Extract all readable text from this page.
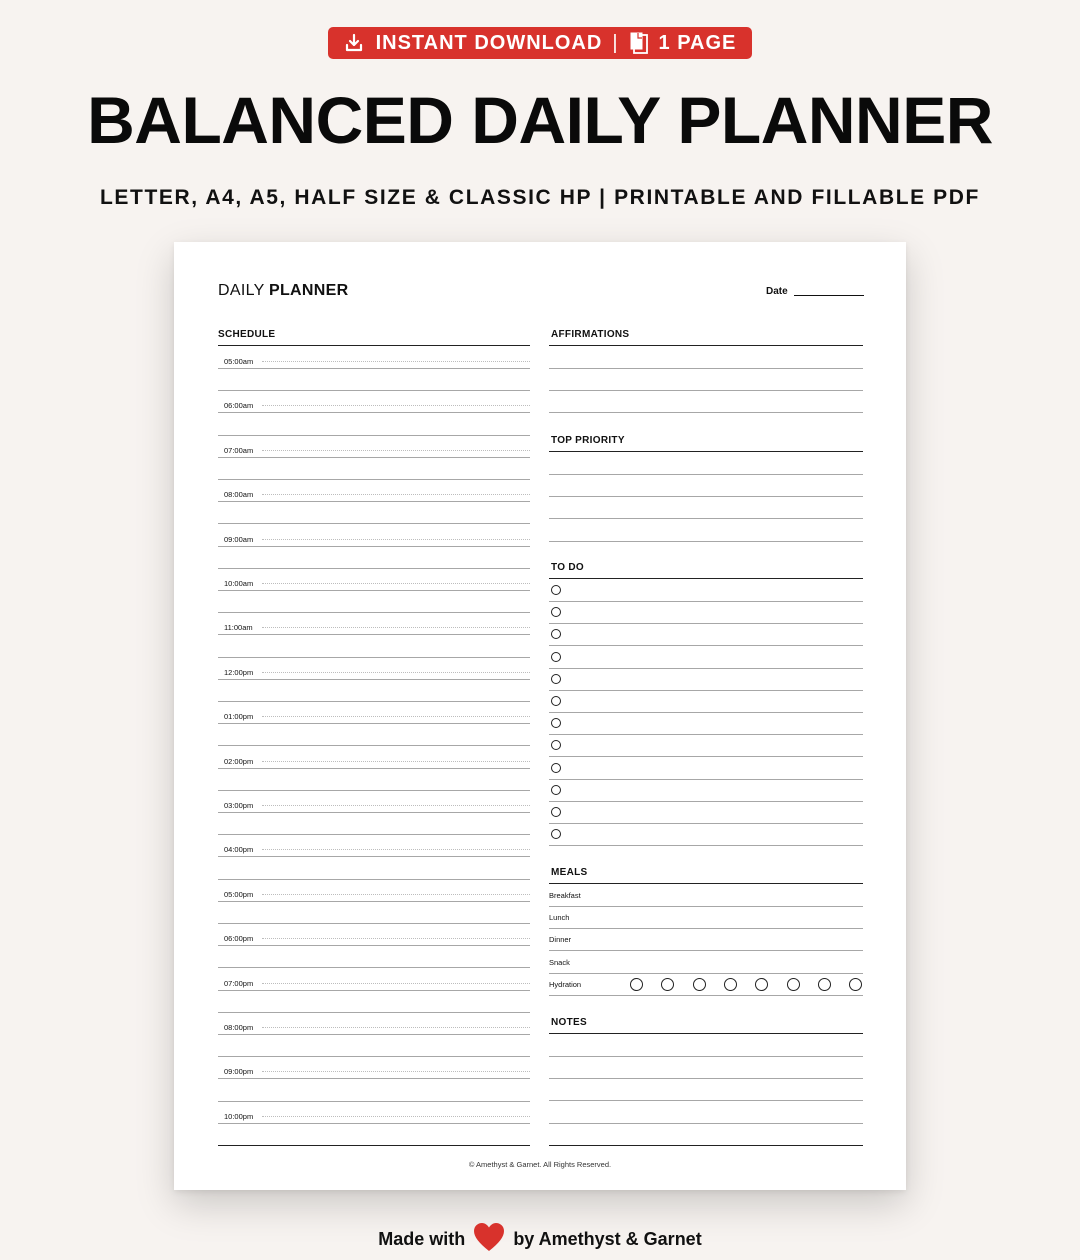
INSTANT DOWNLOAD | 1 PAGE
BALANCED DAILY PLANNER
LETTER, A4, A5, HALF SIZE & CLASSIC HP | PRINTABLE AND FILLABLE PDF
DAILY PLANNER	Date
SCHEDULE
05:00am
06:00am
07:00am
08:00am
09:00am
10:00am
11:00am
12:00pm
01:00pm
02:00pm
03:00pm
04:00pm
05:00pm
06:00pm
07:00pm
08:00pm
09:00pm
10:00pm
AFFIRMATIONS
TOP PRIORITY
TO DO
MEALS
Breakfast
Lunch
Dinner
Snack
Hydration
NOTES
© Amethyst & Garnet. All Rights Reserved.
Made with	by Amethyst & Garnet
